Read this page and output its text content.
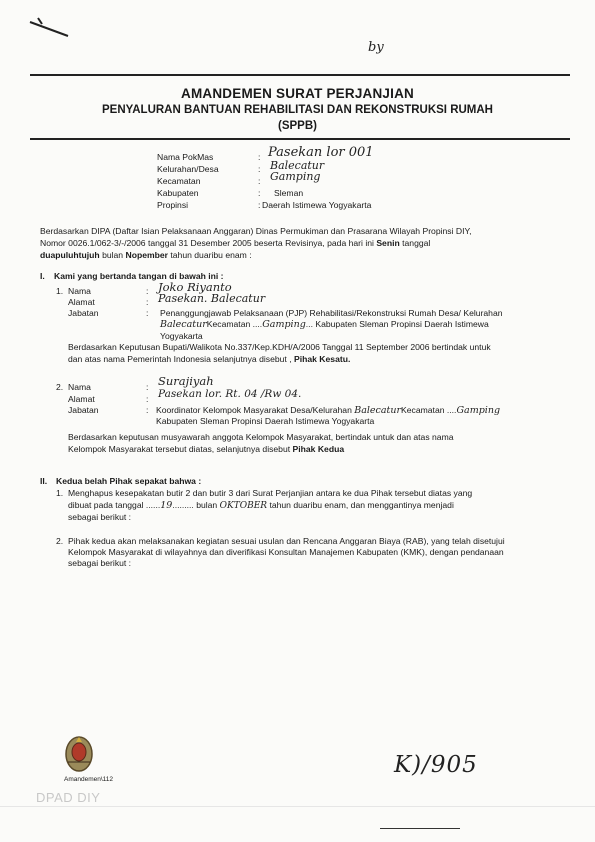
by
AMANDEMEN SURAT PERJANJIAN
PENYALURAN BANTUAN REHABILITASI DAN REKONSTRUKSI RUMAH
(SPPB)
Nama PokMas
Kelurahan/Desa
Kecamatan
Kabupaten
Propinsi
:
:
:
:
:
Pasekan lor 001
Balecatur
Gamping
Sleman
Daerah Istimewa Yogyakarta
Berdasarkan DIPA (Daftar Isian Pelaksanaan Anggaran) Dinas Permukiman dan Prasarana Wilayah Propinsi DIY,
Nomor 0026.1/062-3/-/2006 tanggal 31 Desember 2005 beserta Revisinya, pada hari ini Senin tanggal
duapuluhtujuh bulan Nopember tahun duaribu enam :
I. Kami yang bertanda tangan di bawah ini :
1. Nama
Alamat
Jabatan
:
:
:
Joko Riyanto
Pasekan. Balecatur
Penanggungjawab Pelaksanaan (PJP) Rehabilitasi/Rekonstruksi Rumah Desa/ Kelurahan
BalecaturKecamatan ....Gamping... Kabupaten Sleman Propinsi Daerah Istimewa
Yogyakarta
Berdasarkan Keputusan Bupati/Walikota No.337/Kep.KDH/A/2006 Tanggal 11 September 2006 bertindak untuk
dan atas nama Pemerintah Indonesia selanjutnya disebut , Pihak Kesatu.
2. Nama
Alamat
Jabatan
:
:
:
Surajiyah
Pasekan lor. Rt. 04 /Rw 04.
Koordinator Kelompok Masyarakat Desa/Kelurahan BalecaturKecamatan ....Gamping
Kabupaten Sleman Propinsi Daerah Istimewa Yogyakarta
Berdasarkan keputusan musyawarah anggota Kelompok Masyarakat, bertindak untuk dan atas nama
Kelompok Masyarakat tersebut diatas, selanjutnya disebut Pihak Kedua
II. Kedua belah Pihak sepakat bahwa :
1. Menghapus kesepakatan butir 2 dan butir 3 dari Surat Perjanjian antara ke dua Pihak tersebut diatas yang
dibuat pada tanggal ......19......... bulan OKTOBER tahun duaribu enam, dan menggantinya menjadi
sebagai berikut :
2. Pihak kedua akan melaksanakan kegiatan sesuai usulan dan Rencana Anggaran Biaya (RAB), yang telah disetujui
Kelompok Masyarakat di wilayahnya dan diverifikasi Konsultan Manajemen Kabupaten (KMK), dengan pendanaan
sebagai berikut :
Amandemen\112
K)/905
DPAD DIY
